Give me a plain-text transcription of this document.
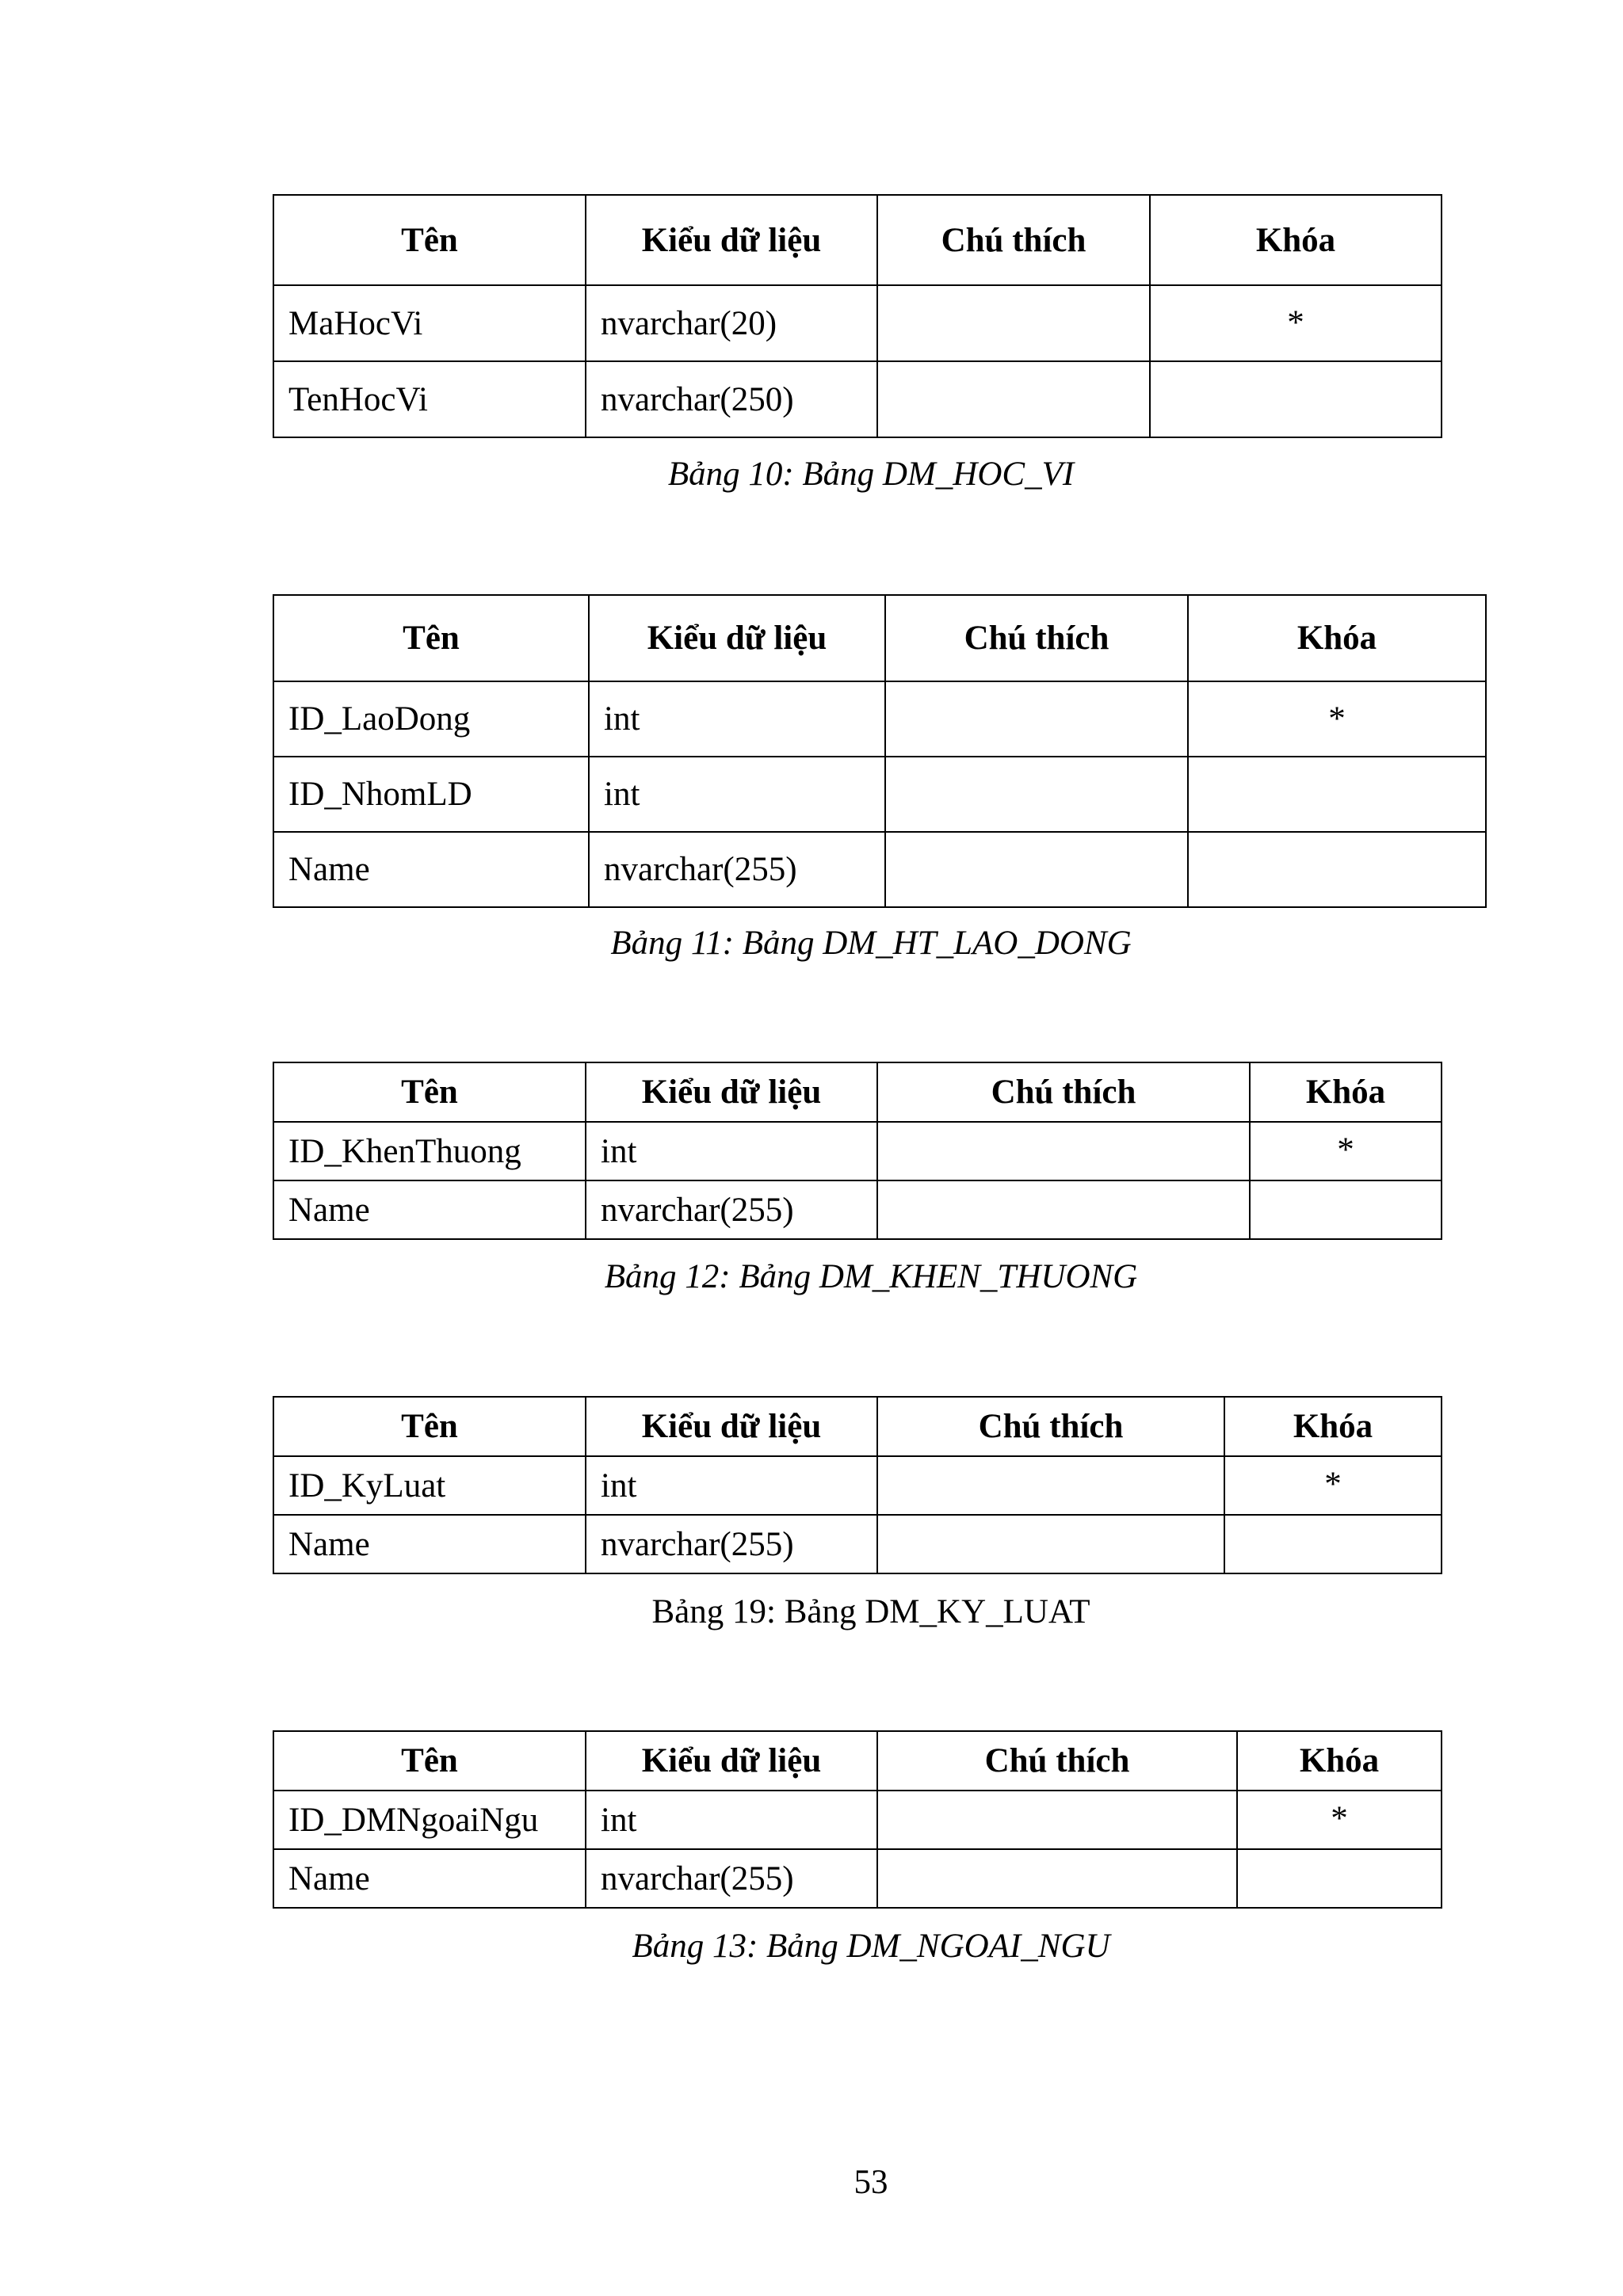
Tên	Kiểu dữ liệu	Chú thích	Khóa
MaHocVi	nvarchar(20)		*
TenHocVi	nvarchar(250)		
Bảng 10: Bảng DM_HOC_VI
Tên	Kiểu dữ liệu	Chú thích	Khóa
ID_LaoDong	int		*
ID_NhomLD	int		
Name	nvarchar(255)		
Bảng 11: Bảng DM_HT_LAO_DONG
Tên	Kiểu dữ liệu	Chú thích	Khóa
ID_KhenThuong	int		*
Name	nvarchar(255)		
Bảng 12: Bảng DM_KHEN_THUONG
Tên	Kiểu dữ liệu	Chú thích	Khóa
ID_KyLuat	int		*
Name	nvarchar(255)		
Bảng 19: Bảng DM_KY_LUAT
Tên	Kiểu dữ liệu	Chú thích	Khóa
ID_DMNgoaiNgu	int		*
Name	nvarchar(255)		
Bảng 13: Bảng DM_NGOAI_NGU
53
